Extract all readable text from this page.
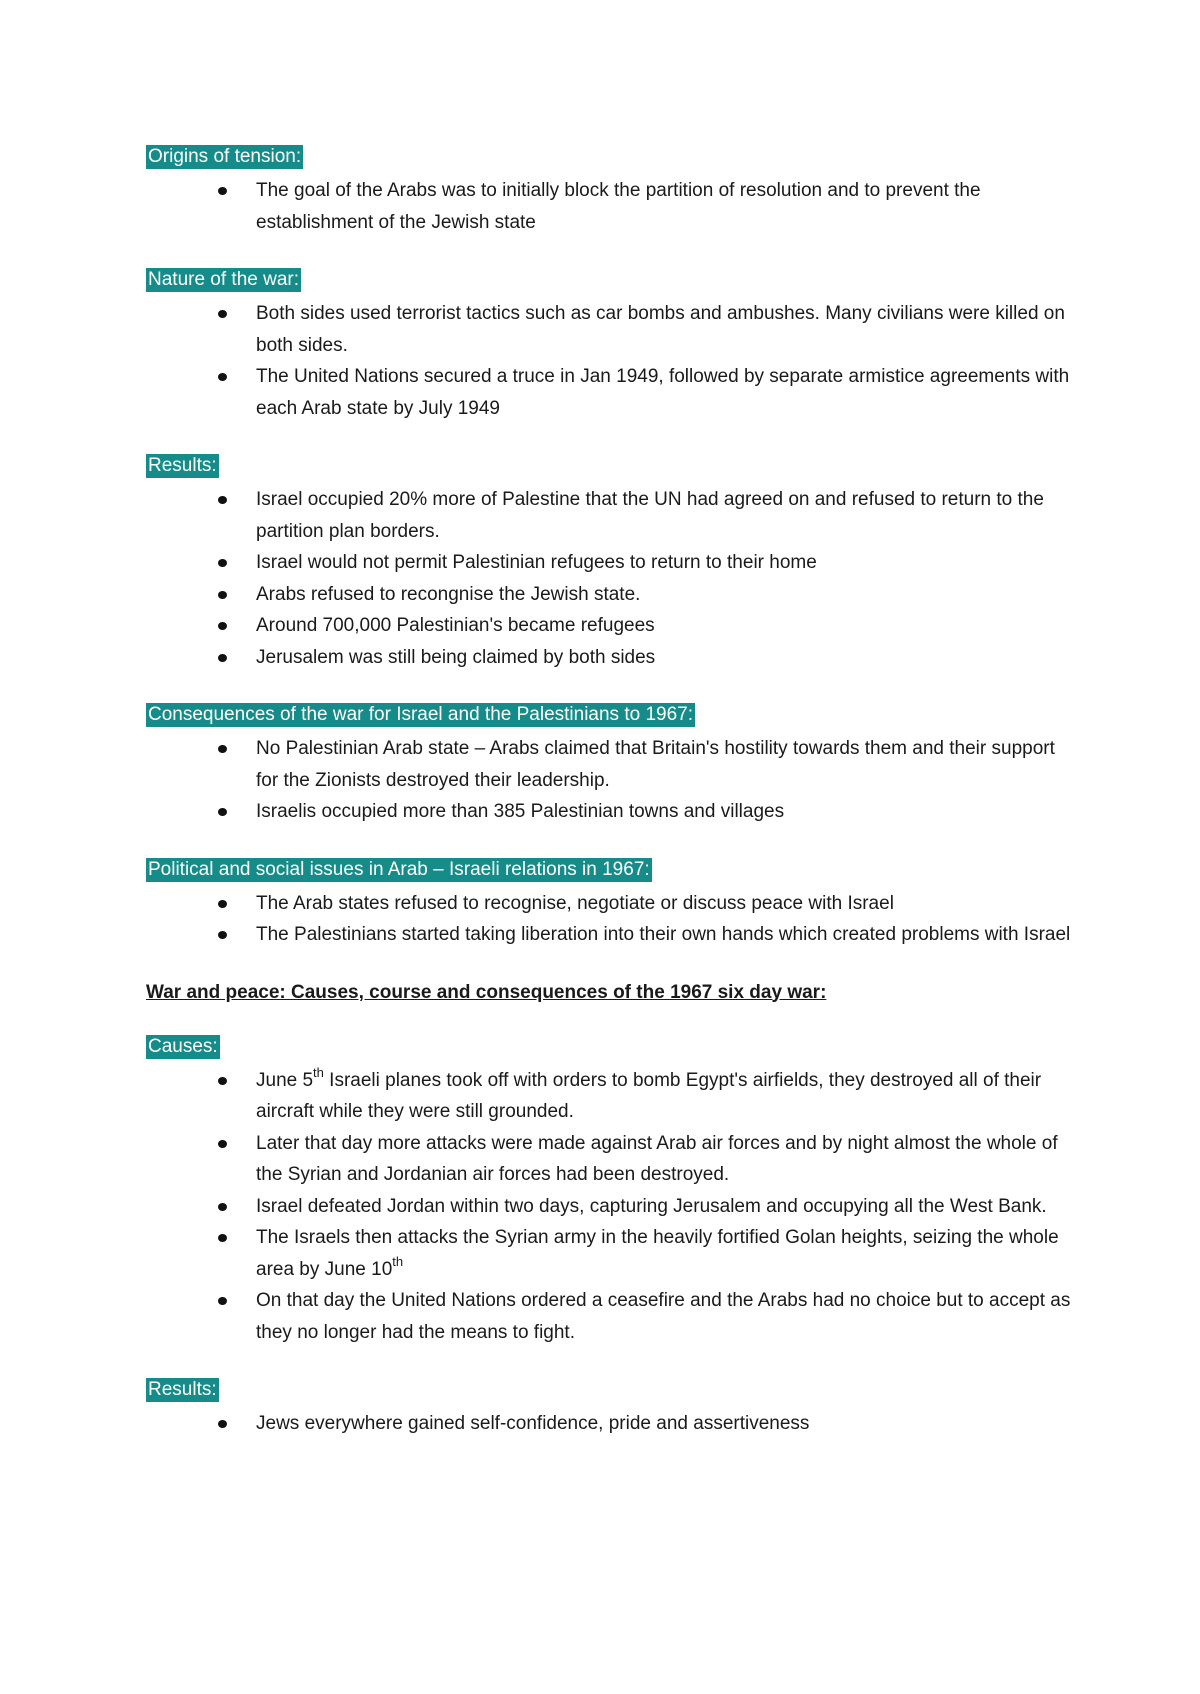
Origins of tension:
The goal of the Arabs was to initially block the partition of resolution and to prevent the establishment of the Jewish state
Nature of the war:
Both sides used terrorist tactics such as car bombs and ambushes. Many civilians were killed on both sides.
The United Nations secured a truce in Jan 1949, followed by separate armistice agreements with each Arab state by July 1949
Results:
Israel occupied 20% more of Palestine that the UN had agreed on and refused to return to the partition plan borders.
Israel would not permit Palestinian refugees to return to their home
Arabs refused to recongnise the Jewish state.
Around 700,000 Palestinian's became refugees
Jerusalem was still being claimed by both sides
Consequences of the war for Israel and the Palestinians to 1967:
No Palestinian Arab state – Arabs claimed that Britain's hostility towards them and their support for the Zionists destroyed their leadership.
Israelis occupied more than 385 Palestinian towns and villages
Political and social issues in Arab – Israeli relations in 1967:
The Arab states refused to recognise, negotiate or discuss peace with Israel
The Palestinians started taking liberation into their own hands which created problems with Israel
War and peace: Causes, course and consequences of the 1967 six day war:
Causes:
June 5th Israeli planes took off with orders to bomb Egypt's airfields, they destroyed all of their aircraft while they were still grounded.
Later that day more attacks were made against Arab air forces and by night almost the whole of the Syrian and Jordanian air forces had been destroyed.
Israel defeated Jordan within two days, capturing Jerusalem and occupying all the West Bank.
The Israels then attacks the Syrian army in the heavily fortified Golan heights, seizing the whole area by June 10th
On that day the United Nations ordered a ceasefire and the Arabs had no choice but to accept as they no longer had the means to fight.
Results:
Jews everywhere gained self-confidence, pride and assertiveness
